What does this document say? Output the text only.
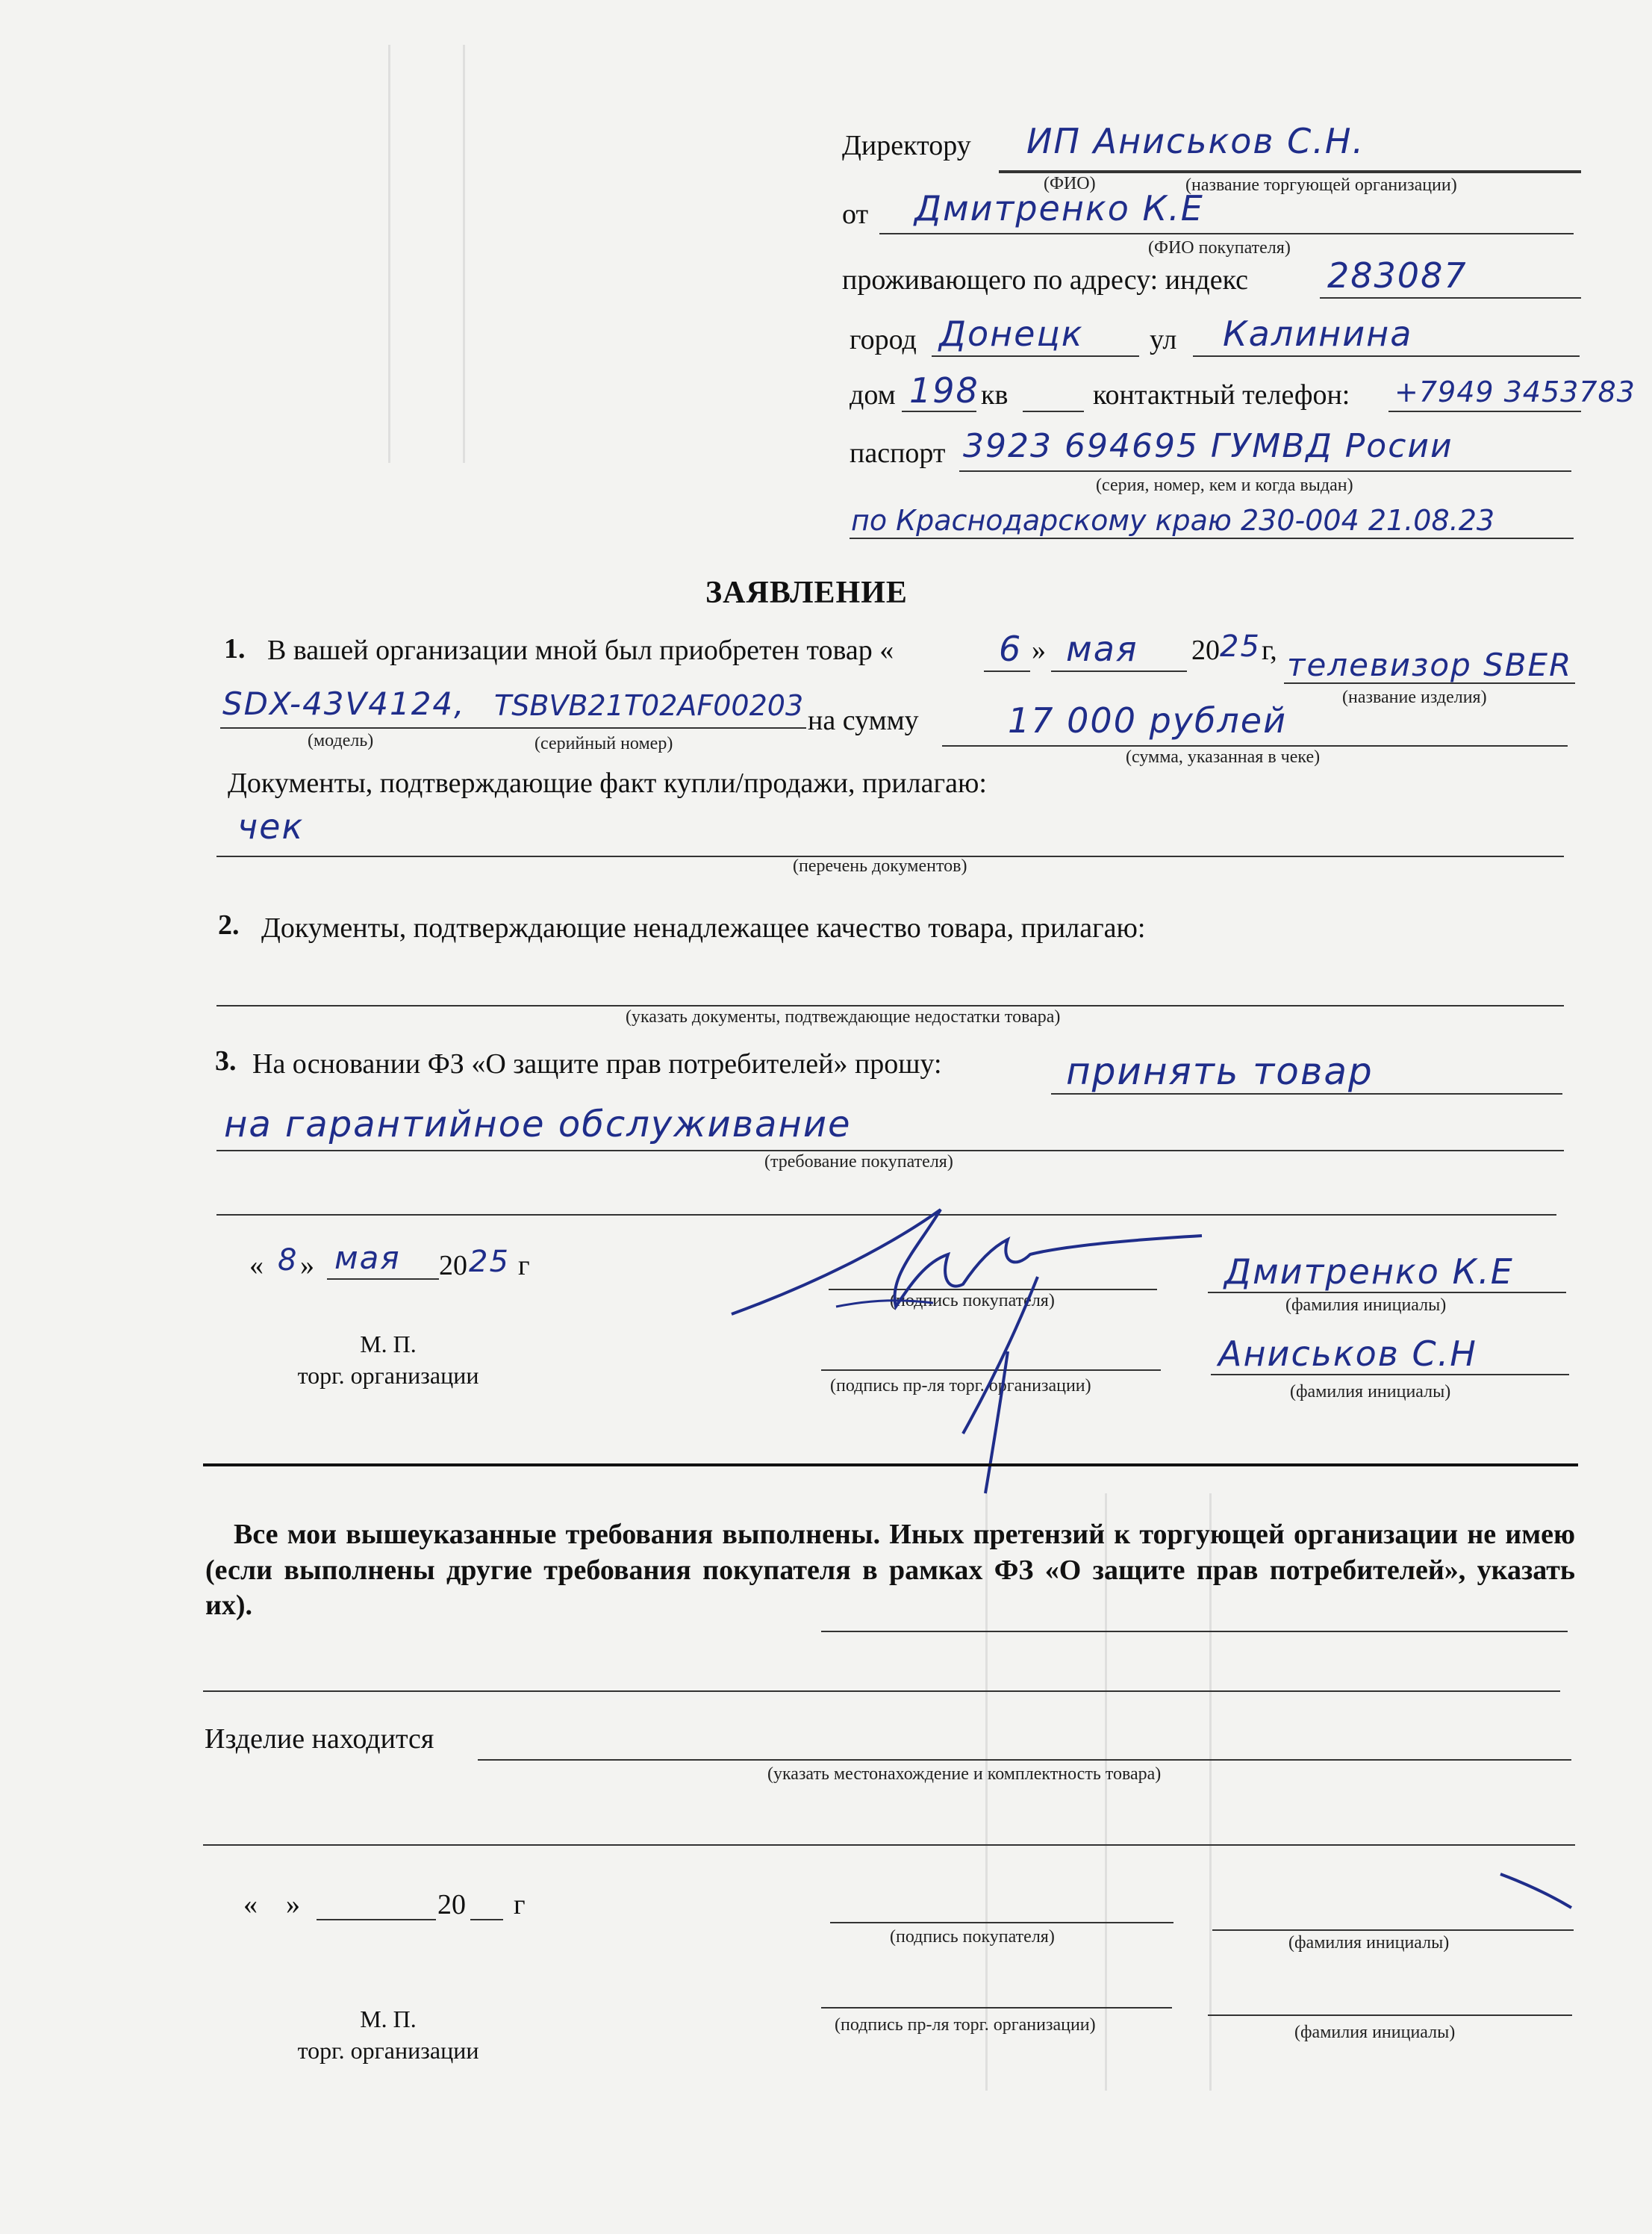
Директору ИП Аниськов С.Н.
(ФИО)	(название торгующей организации)
от Дмитренко К.Е
(ФИО покупателя)
проживающего по адресу: индекс 283087
город Донецк ул Калинина
дом 198 кв	контактный телефон: +7949 3453783
паспорт 3923 694695 ГУМВД Росии
(серия, номер, кем и когда выдан)
по Краснодарскому краю 230-004 21.08.23
ЗАЯВЛЕНИЕ
1. В вашей организации мной был приобретен товар «	6 » мая 20 25 г, телевизор SBER
(название изделия)
SDX-43V4124,
(модель)
TSBVB21T02AF00203
(серийный номер)
на сумму	17 000 рублей
(сумма, указанная в чеке)
Документы, подтверждающие факт купли/продажи, прилагаю:
чек
(перечень документов)
2. Документы, подтверждающие ненадлежащее качество товара, прилагаю:
(указать документы, подтвеждающие недостатки товара)
3. На основании ФЗ «О защите прав потребителей» прошу:	принять товар
на гарантийное обслуживание
(требование покупателя)
« 8 » мая 20 25 г
М. П.
торг. организации
(подпись покупателя)
Дмитренко К.Е
(фамилия инициалы)
(подпись пр-ля торг. организации)
Аниськов С.Н
(фамилия инициалы)
Все мои вышеуказанные требования выполнены. Иных претензий к торгующей организации не имею (если выполнены другие требования покупателя в рамках ФЗ «О защите прав потребителей», указать их).
Изделие находится
(указать местонахождение и комплектность товара)
«    »	20 г
М. П.
торг. организации
(подпись покупателя)	(фамилия инициалы)
(подпись пр-ля торг. организации)	(фамилия инициалы)
